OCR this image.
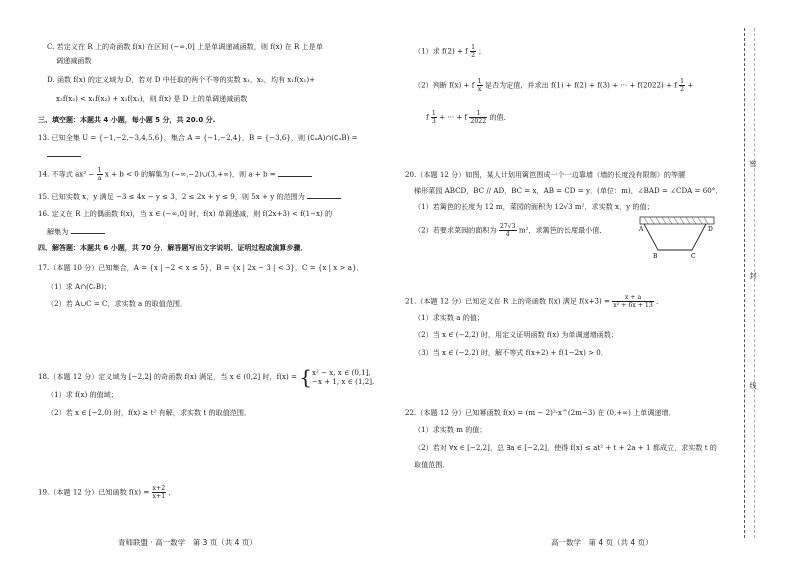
C. 若定义在 R 上的奇函数 f(x) 在区间 (−∞,0] 上是单调递减函数，则 f(x) 在 R 上是单
调递减函数
D. 函数 f(x) 的定义域为 D，若对 D 中任取的两个不等的实数 x₁，x₂，均有 x₁f(x₁)+
x₂f(x₂) < x₁f(x₂) + x₂f(x₁)，则 f(x) 是 D 上的单调递减函数
三、填空题：本题共 4 小题，每小题 5 分，共 20.0 分.
13. 已知全集 U = {−1,−2,−3,4,5,6}，集合 A = {−1,−2,4}，B = {−3,6}，则 (∁ᵤA)∩(∁ᵤB) =
14. 不等式 $ax^2 - \frac{1}{a}$ x + b < 0 的解集为 (−∞,−2)∪(3,+∞)，则 a + b =
15. 已知实数 x，y 满足 −3 ≤ 4x − y ≤ 3，2 ≤ 2x + y ≤ 9，则 5x + y 的范围为
16. 定义在 R 上的偶函数 f(x)，当 x ∈ (−∞,0] 时，f(x) 单调递减，则 f(2x+3) < f(1−x) 的
解集为
四、解答题：本题共 6 小题，共 70 分．解答题写出文字说明、证明过程或演算步骤．
17.（本题 10 分）已知集合，A = {x | −2 < x ≤ 5}，B = {x | 2x − 3 | < 3}，C = {x | x > a}．
（1）求 A∩(∁ᵣB)；
（2）若 A∪C = C，求实数 a 的取值范围．
18.（本题 12 分）定义域为 [−2,2] 的奇函数 f(x) 满足，当 x ∈ (0,2] 时，f(x) = { x² − x, x ∈ (0,1],
−x + 1, x ∈ (1,2].
（1）求 f(x) 的值域；
（2）若 x ∈ [−2,0) 时，f(x) ≥ t² 有解，求实数 t 的取值范围．
19.（本题 12 分）已知函数 $f(x) = \frac{x+2}{x+1}$ ，
青师联盟 · 高一数学　第 3 页（共 4 页）
（1）求 f(2) + f $\frac{1}{2}$ ；
（2）判断 f(x) + f $\frac{1}{x}$ 是否为定值，并求出 f(1) + f(2) + f(3) + ··· + f(2022) + f $\frac{1}{2}$ +
f $\frac{1}{3}$ + ··· + f $\frac{1}{2022}$ 的值．
20.（本题 12 分）如图，某人计划用篱笆围成一个一边靠墙（墙的长度没有限制）的等腰
梯形菜园 ABCD，BC // AD，BC = x，AB = CD = y．(单位：m)，∠BAD = ∠CDA = 60°．
（1）若篱笆的长度为 12 m，菜园的面积为 12√3 m²，求实数 x，y 的值；
（2）若要求菜园的面积为 $\frac{27√3}{4} m^2$，求篱笆的长度最小值．	A	D
B	C
21.（本题 12 分）已知定义在 R 上的奇函数 f(x) 满足 $f(x+3) = \frac{x + a}{\text{x² + 6x + 13}}$ ．
（1）求实数 a 的值；
（2）当 x ∈ (−2,2) 时，用定义证明函数 f(x) 为单调递增函数；
（3）当 x ∈ (−2,2) 时，解不等式 f(x+2) + f(1−2x) > 0．
22.（本题 12 分）已知幂函数 f(x) = (m − 2)²·x^(2m−3) 在 (0,+∞) 上单调递增．
（1）求实数 m 的值；
（2）若对 ∀x ∈ [−2,2]，总 ∃a ∈ [−2,2]，使得 f(x) ≤ at² + t + 2a + 1 都成立，求实数 t 的
取值范围．
高一数学　第 4 页（共 4 页）
密
封
线
